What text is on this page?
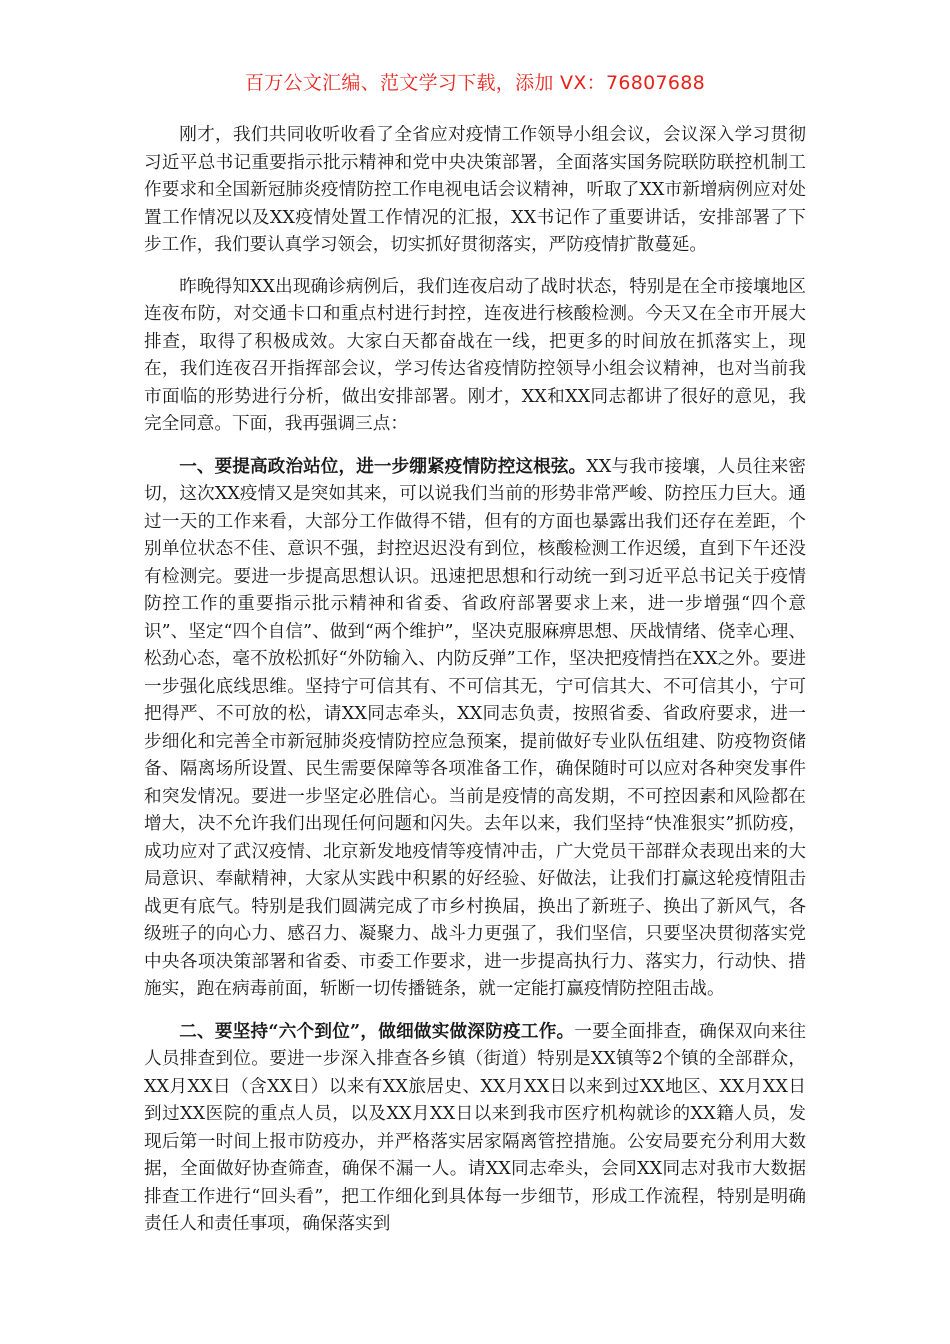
百万公文汇编、范文学习下载，添加 VX：76807688

刚才，我们共同收听收看了全省应对疫情工作领导小组会议，会议深入学习贯彻习近平总书记重要指示批示精神和党中央决策部署，全面落实国务院联防联控机制工作要求和全国新冠肺炎疫情防控工作电视电话会议精神，听取了XX市新增病例应对处置工作情况以及XX疫情处置工作情况的汇报，XX书记作了重要讲话，安排部署了下步工作，我们要认真学习领会，切实抓好贯彻落实，严防疫情扩散蔓延。

昨晚得知XX出现确诊病例后，我们连夜启动了战时状态，特别是在全市接壤地区连夜布防，对交通卡口和重点村进行封控，连夜进行核酸检测。今天又在全市开展大排查，取得了积极成效。大家白天都奋战在一线，把更多的时间放在抓落实上，现在，我们连夜召开指挥部会议，学习传达省疫情防控领导小组会议精神，也对当前我市面临的形势进行分析，做出安排部署。刚才，XX和XX同志都讲了很好的意见，我完全同意。下面，我再强调三点：

一、要提高政治站位，进一步绷紧疫情防控这根弦。XX与我市接壤，人员往来密切，这次XX疫情又是突如其来，可以说我们当前的形势非常严峻、防控压力巨大。通过一天的工作来看，大部分工作做得不错，但有的方面也暴露出我们还存在差距，个别单位状态不佳、意识不强，封控迟迟没有到位，核酸检测工作迟缓，直到下午还没有检测完。要进一步提高思想认识。迅速把思想和行动统一到习近平总书记关于疫情防控工作的重要指示批示精神和省委、省政府部署要求上来，进一步增强“四个意识”、坚定“四个自信”、做到“两个维护”，坚决克服麻痹思想、厌战情绪、侥幸心理、松劲心态，毫不放松抓好“外防输入、内防反弹”工作，坚决把疫情挡在XX之外。要进一步强化底线思维。坚持宁可信其有、不可信其无，宁可信其大、不可信其小，宁可把得严、不可放的松，请XX同志牵头，XX同志负责，按照省委、省政府要求，进一步细化和完善全市新冠肺炎疫情防控应急预案，提前做好专业队伍组建、防疫物资储备、隔离场所设置、民生需要保障等各项准备工作，确保随时可以应对各种突发事件和突发情况。要进一步坚定必胜信心。当前是疫情的高发期，不可控因素和风险都在增大，决不允许我们出现任何问题和闪失。去年以来，我们坚持“快准狠实”抓防疫，成功应对了武汉疫情、北京新发地疫情等疫情冲击，广大党员干部群众表现出来的大局意识、奉献精神，大家从实践中积累的好经验、好做法，让我们打赢这轮疫情阻击战更有底气。特别是我们圆满完成了市乡村换届，换出了新班子、换出了新风气，各级班子的向心力、感召力、凝聚力、战斗力更强了，我们坚信，只要坚决贯彻落实党中央各项决策部署和省委、市委工作要求，进一步提高执行力、落实力，行动快、措施实，跑在病毒前面，斩断一切传播链条，就一定能打赢疫情防控阻击战。

二、要坚持“六个到位”，做细做实做深防疫工作。一要全面排查，确保双向来往人员排查到位。要进一步深入排查各乡镇（街道）特别是XX镇等2个镇的全部群众，XX月XX日（含XX日）以来有XX旅居史、XX月XX日以来到过XX地区、XX月XX日到过XX医院的重点人员，以及XX月XX日以来到我市医疗机构就诊的XX籍人员，发现后第一时间上报市防疫办，并严格落实居家隔离管控措施。公安局要充分利用大数据，全面做好协查筛查，确保不漏一人。请XX同志牵头，会同XX同志对我市大数据排查工作进行“回头看”，把工作细化到具体每一步细节，形成工作流程，特别是明确责任人和责任事项，确保落实到
